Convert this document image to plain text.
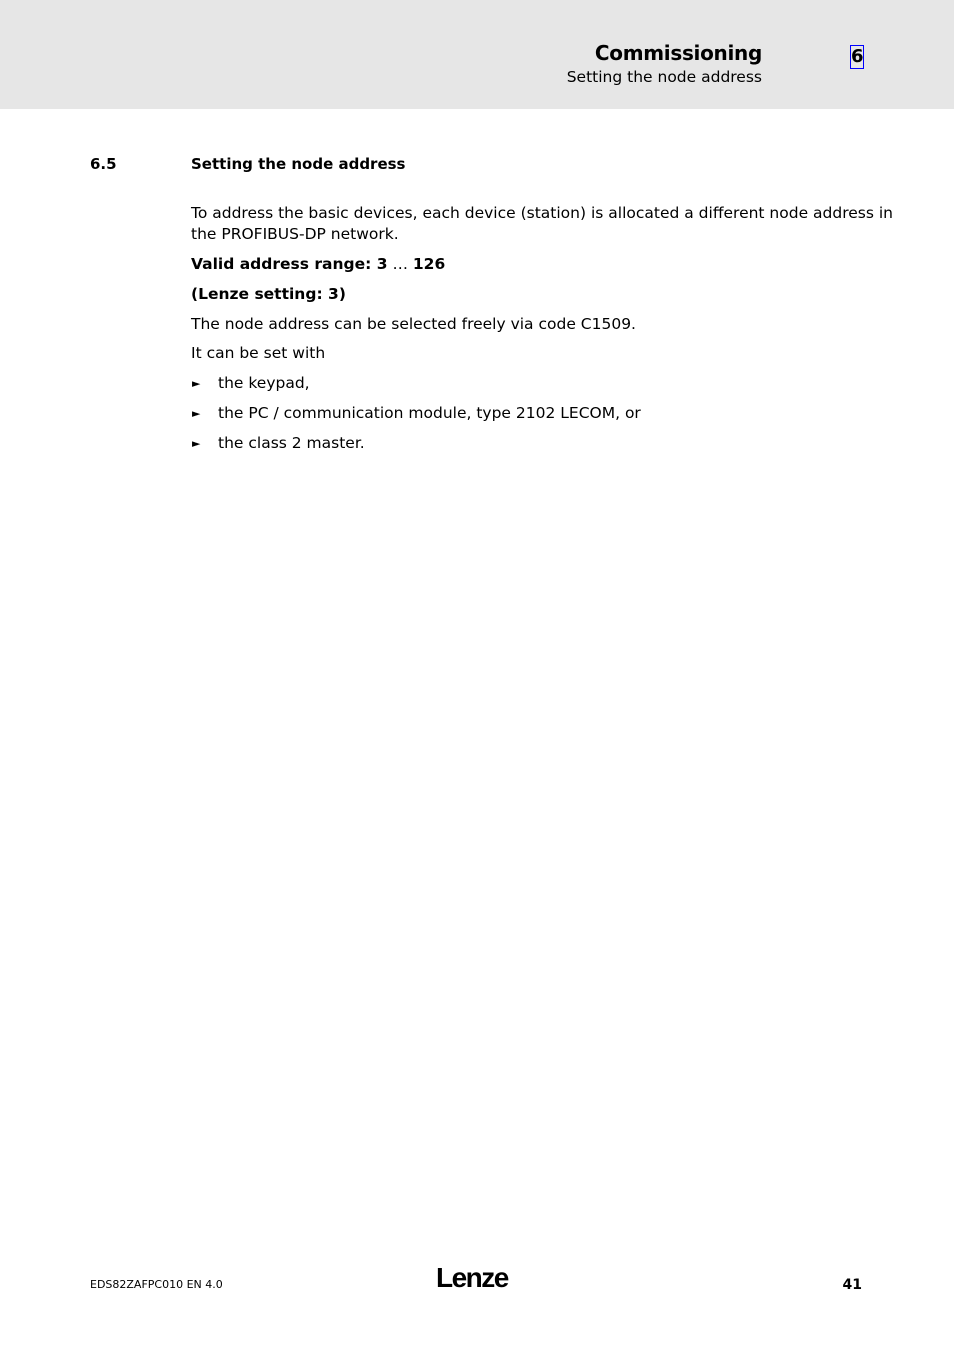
Commissioning
Setting the node address
6
6.5	Setting the node address
To address the basic devices, each device (station) is allocated a different node address in
the PROFIBUS-DP network.
Valid address range: 3 … 126
(Lenze setting: 3)
The node address can be selected freely via code C1509.
It can be set with
► the keypad,
► the PC / communication module, type 2102 LECOM, or
► the class 2 master.
EDS82ZAFPC010 EN 4.0	Lenze	41
